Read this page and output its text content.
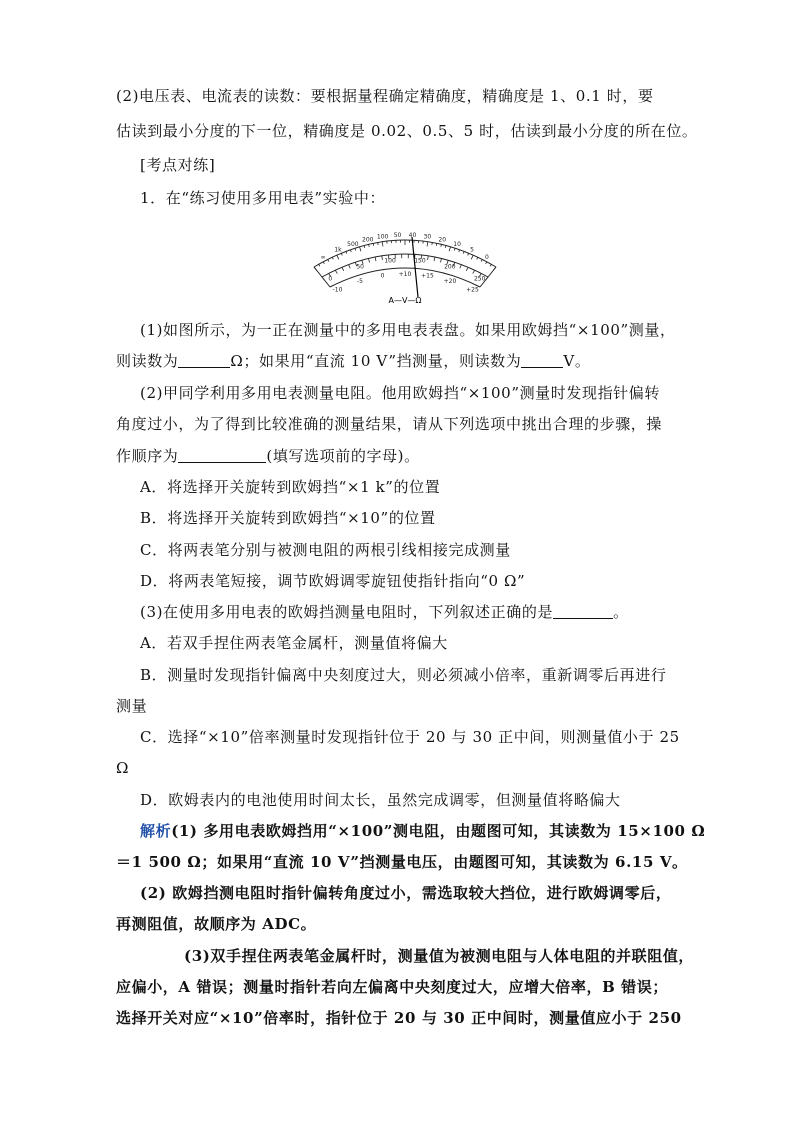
(2)电压表、电流表的读数：要根据量程确定精确度，精确度是 1、0.1 时，要
估读到最小分度的下一位，精确度是 0.02、0.5、5 时，估读到最小分度的所在位。
[考点对练]
1．在“练习使用多用电表”实验中：
A—V—Ω
∞
1k
500
200 100 50 40 30 20
10
5
0
0
50
100	150
200
250
-10
-5
0 +10 +15
+20
+25
(1)如图所示，为一正在测量中的多用电表表盘。如果用欧姆挡“×100”测量，
则读数为	Ω；如果用“直流 10 V”挡测量，则读数为	V。
(2)甲同学利用多用电表测量电阻。他用欧姆挡“×100”测量时发现指针偏转
角度过小，为了得到比较准确的测量结果，请从下列选项中挑出合理的步骤，操
作顺序为	(填写选项前的字母)。
A．将选择开关旋转到欧姆挡“×1 k”的位置
B．将选择开关旋转到欧姆挡“×10”的位置
C．将两表笔分别与被测电阻的两根引线相接完成测量
D．将两表笔短接，调节欧姆调零旋钮使指针指向“0 Ω”
(3)在使用多用电表的欧姆挡测量电阻时，下列叙述正确的是	。
A．若双手捏住两表笔金属杆，测量值将偏大
B．测量时发现指针偏离中央刻度过大，则必须减小倍率，重新调零后再进行
测量
C．选择“×10”倍率测量时发现指针位于 20 与 30 正中间，则测量值小于 25
Ω
D．欧姆表内的电池使用时间太长，虽然完成调零，但测量值将略偏大
解析(1) 多用电表欧姆挡用“×100”测电阻，由题图可知，其读数为 15×100 Ω
＝1 500 Ω；如果用“直流 10 V”挡测量电压，由题图可知，其读数为 6.15 V。
(2) 欧姆挡测电阻时指针偏转角度过小，需选取较大挡位，进行欧姆调零后，
再测阻值，故顺序为 ADC。
(3)双手捏住两表笔金属杆时，测量值为被测电阻与人体电阻的并联阻值，
应偏小，A 错误；测量时指针若向左偏离中央刻度过大，应增大倍率，B 错误；
选择开关对应“×10”倍率时，指针位于 20 与 30 正中间时，测量值应小于 250
